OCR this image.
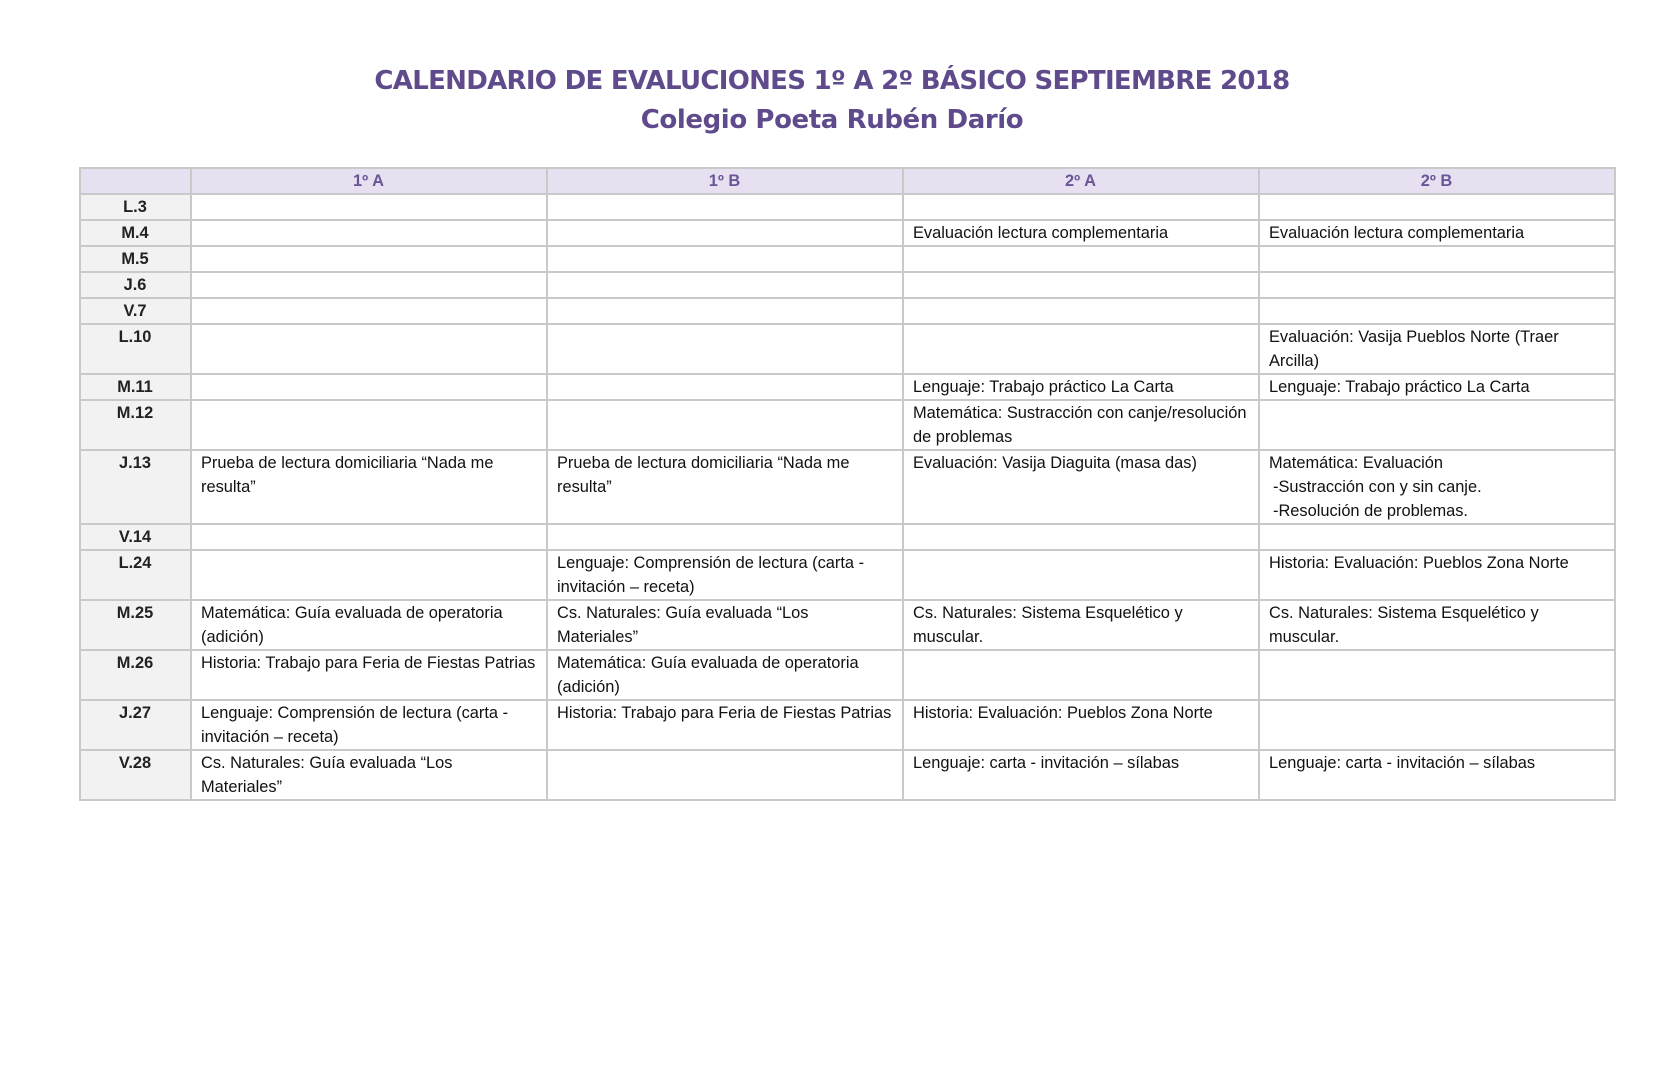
CALENDARIO DE EVALUCIONES 1º A 2º BÁSICO SEPTIEMBRE 2018
Colegio Poeta Rubén Darío
	1º A	1º B	2º A	2º B
L.3	

M.4			Evaluación lectura complementaria	Evaluación lectura complementaria

M.5	

J.6	

V.7	

L.10				Evaluación: Vasija Pueblos Norte (Traer Arcilla)

M.11			Lenguaje: Trabajo práctico La Carta	Lenguaje: Trabajo práctico La Carta

M.12			Matemática: Sustracción con canje/resolución de problemas	

J.13	Prueba de lectura domiciliaria “Nada me resulta”	Prueba de lectura domiciliaria “Nada me resulta”	Evaluación: Vasija Diaguita (masa das)	Matemática: Evaluación
-Sustracción con y sin canje.
-Resolución de problemas.

V.14	

L.24		Lenguaje: Comprensión de lectura (carta - invitación – receta)		Historia: Evaluación: Pueblos Zona Norte

M.25	Matemática: Guía evaluada de operatoria (adición)	Cs. Naturales: Guía evaluada “Los Materiales”	Cs. Naturales: Sistema Esquelético y muscular.	Cs. Naturales: Sistema Esquelético y muscular.

M.26	Historia: Trabajo para Feria de Fiestas Patrias	Matemática: Guía evaluada de operatoria (adición)		

J.27	Lenguaje: Comprensión de lectura (carta - invitación – receta)	Historia: Trabajo para Feria de Fiestas Patrias	Historia: Evaluación: Pueblos Zona Norte	

V.28	Cs. Naturales: Guía evaluada “Los Materiales”		Lenguaje: carta - invitación – sílabas	Lenguaje: carta - invitación – sílabas
